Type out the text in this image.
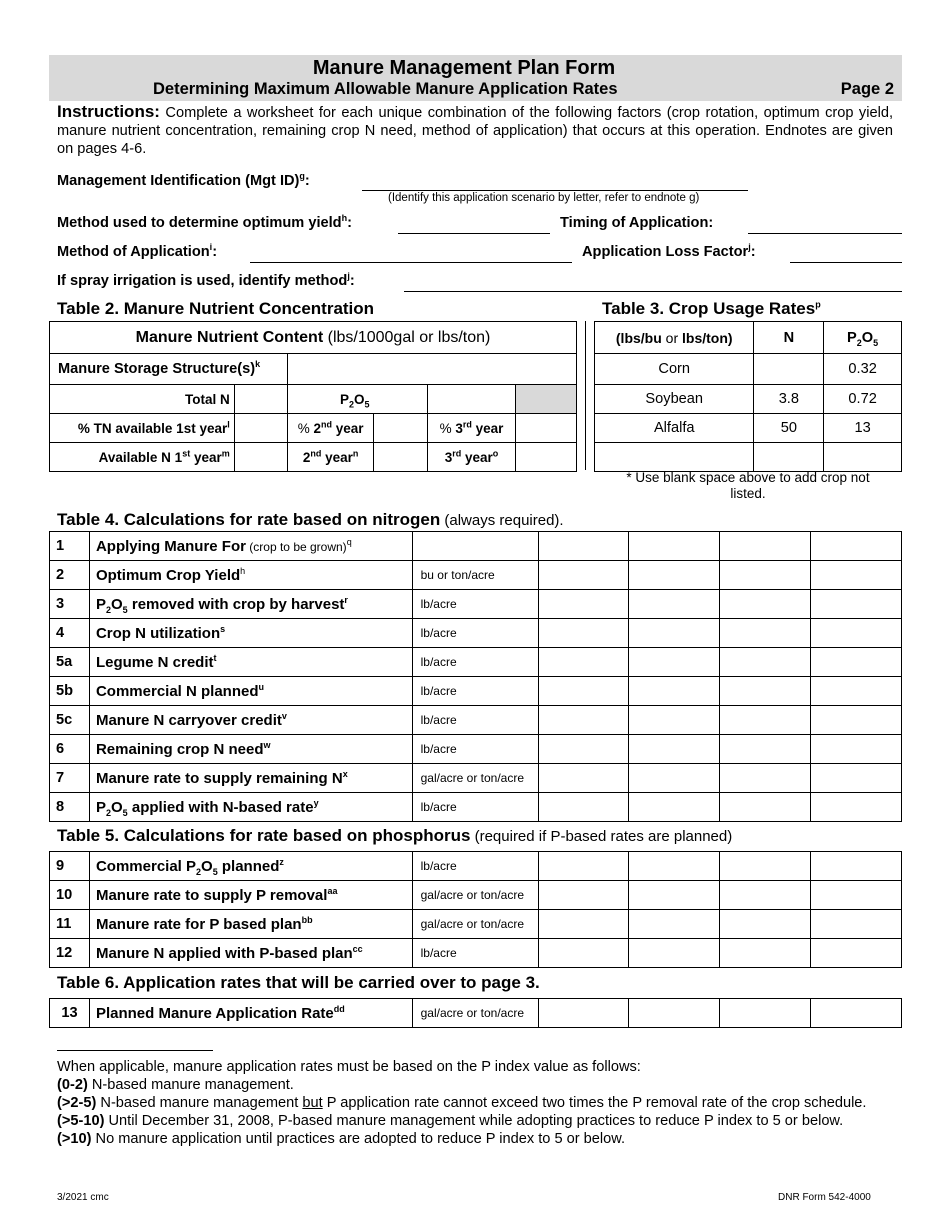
Manure Management Plan Form
Determining Maximum Allowable Manure Application Rates	Page 2
Instructions: Complete a worksheet for each unique combination of the following factors (crop rotation, optimum crop yield, manure nutrient concentration, remaining crop N need, method of application) that occurs at this operation. Endnotes are given on pages 4-6.
Management Identification (Mgt ID)$^g$:
(Identify this application scenario by letter, refer to endnote g)
Method used to determine optimum yield$^h$:	Timing of Application:
Method of Application$^i$:	Application Loss Factor$^j$:
If spray irrigation is used, identify method$^j$:
Table 2. Manure Nutrient Concentration
Manure Nutrient Content (lbs/1000gal or lbs/ton)					
Manure Storage $Structure(s)^k$	
Total N		$P_2O_5$			
% TN available 1st year$^l$		% 2nd year		% 3rd year	
Available N 1st year$^m$		2nd year$^n$		3rd year$^o$	
Table 3. Crop Usage Rates$^p$
(lbs/bu or lbs/ton)	N	$P_2O_5$
Corn		0.32
Soybean	3.8	0.72
Alfalfa	50	13

* Use blank space above to add crop not listed.
Table 4. Calculations for rate based on nitrogen (always required).
1	Applying Manure For (crop to be grown)$^q$					
2	Optimum Crop Yield$^h$	bu or ton/acre				
3	$P_2O_5$ removed with crop by harvest$^r$	lb/acre				
4	Crop N utilization$^s$	lb/acre				
5a	Legume N credit$^t$	lb/acre				
5b	Commercial N planned$^u$	lb/acre				
5c	Manure N carryover credit$^v$	lb/acre				
6	Remaining crop N need$^w$	lb/acre				
7	Manure rate to supply remaining $N^x$	gal/acre or ton/acre				
8	$P_2O_5$ applied with N-based rate$^y$	lb/acre				
Table 5. Calculations for rate based on phosphorus (required if P-based rates are planned)
9	Commercial $P_2O_5$ planned$^z$	lb/acre				
10	Manure rate to supply P removal$^{aa}$	gal/acre or ton/acre				
11	Manure rate for P based plan$^{bb}$	gal/acre or ton/acre				
12	Manure N applied with P-based plan$^{cc}$	lb/acre				
Table 6. Application rates that will be carried over to page 3.
13	Planned Manure Application Rate$^{dd}$	gal/acre or ton/acre				

When applicable, manure application rates must be based on the P index value as follows:

(0-2) N-based manure management.

(>2-5) N-based manure management but P application rate cannot exceed two times the P removal rate of the crop schedule.

(>5-10) Until December 31, 2008, P-based manure management while adopting practices to reduce P index to 5 or below.

(>10) No manure application until practices are adopted to reduce P index to 5 or below.

3/2021 cmc	DNR Form 542-4000
